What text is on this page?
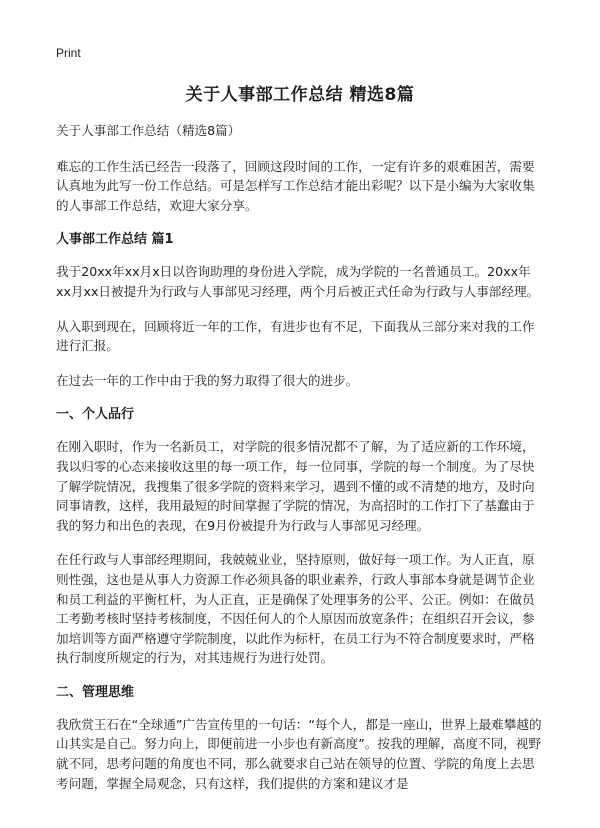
Print
关于人事部工作总结 精选8篇

关于人事部工作总结（精选8篇）

难忘的工作生活已经告一段落了，回顾这段时间的工作，一定有许多的艰难困苦，需要认真地为此写一份工作总结。可是怎样写工作总结才能出彩呢？以下是小编为大家收集的人事部工作总结，欢迎大家分享。

人事部工作总结 篇1

我于20xx年xx月x日以咨询助理的身份进入学院，成为学院的一名普通员工。20xx年xx月xx日被提升为行政与人事部见习经理，两个月后被正式任命为行政与人事部经理。

从入职到现在，回顾将近一年的工作，有进步也有不足，下面我从三部分来对我的工作进行汇报。

在过去一年的工作中由于我的努力取得了很大的进步。

一、个人品行

在刚入职时，作为一名新员工，对学院的很多情况都不了解，为了适应新的工作环境，我以归零的心态来接收这里的每一项工作，每一位同事，学院的每一个制度。为了尽快了解学院情况，我搜集了很多学院的资料来学习，遇到不懂的或不清楚的地方，及时向同事请教，这样，我用最短的时间掌握了学院的情况，为高招时的工作打下了基蠢由于我的努力和出色的表现，在9月份被提升为行政与人事部见习经理。

在任行政与人事部经理期间，我兢兢业业，坚持原则，做好每一项工作。为人正直，原则性强，这也是从事人力资源工作必须具备的职业素养，行政人事部本身就是调节企业和员工利益的平衡杠杆，为人正直，正是确保了处理事务的公平、公正。例如：在做员工考勤考核时坚持考核制度，不因任何人的个人原因而放宽条件；在组织召开会议，参加培训等方面严格遵守学院制度，以此作为标杆，在员工行为不符合制度要求时，严格执行制度所规定的行为，对其违规行为进行处罚。

二、管理思维

我欣赏王石在“全球通”广告宣传里的一句话：“每个人，都是一座山，世界上最难攀越的山其实是自己。努力向上，即便前进一小步也有新高度”。按我的理解，高度不同，视野就不同，思考问题的角度也不同，那么就要求自己站在领导的位置、学院的角度上去思考问题，掌握全局观念，只有这样，我们提供的方案和建议才是
